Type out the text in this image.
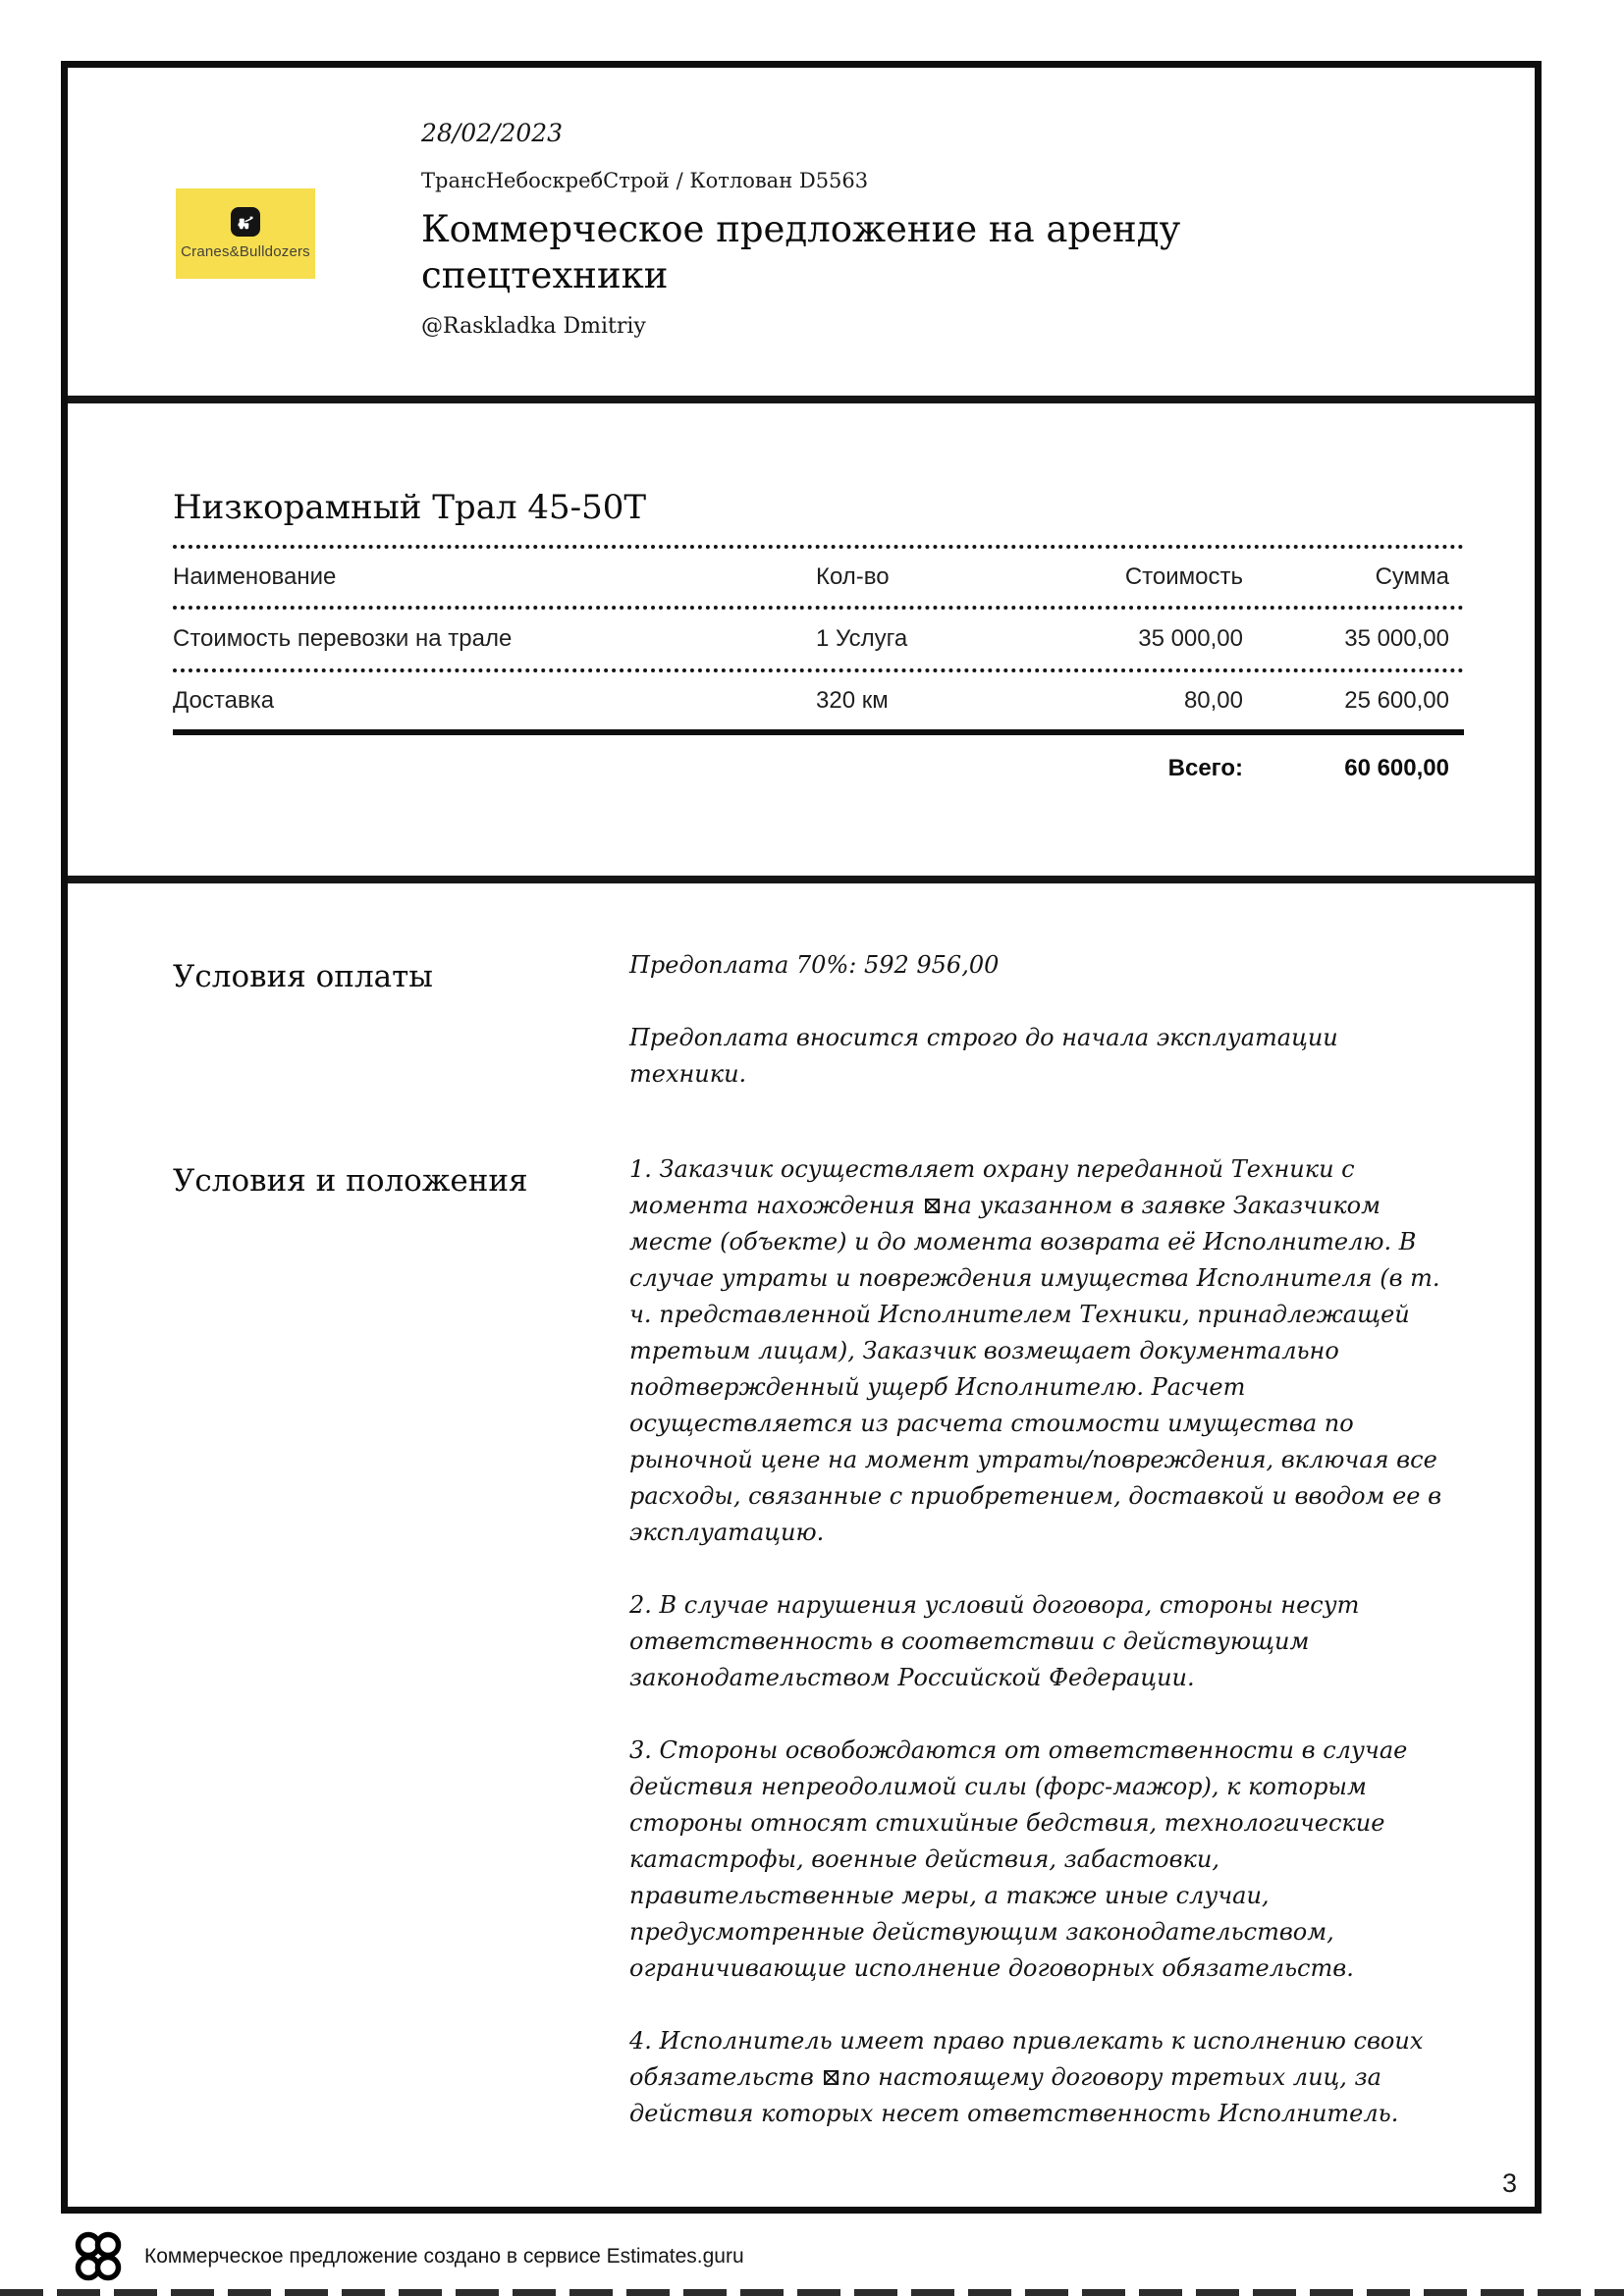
Cranes&Bulldozers
28/02/2023
ТрансНебоскребСтрой / Котлован D5563
Коммерческое предложение на аренду спецтехники
@Raskladka Dmitriy
Низкорамный Трал 45-50Т
Наименование	Кол-во	Стоимость	Сумма
Стоимость перевозки на трале	1 Услуга	35 000,00	35 000,00
Доставка	320 км	80,00	25 600,00
Всего:	60 600,00
Условия оплаты	Предоплата 70%: 592 956,00

Предоплата вносится строго до начала эксплуатации техники.

Условия и положения	1. Заказчик осуществляет охрану переданной Техники с момента нахождения ⊠на указанном в заявке Заказчиком месте (объекте) и до момента возврата её Исполнителю. В случае утраты и повреждения имущества Исполнителя (в т. ч. представленной Исполнителем Техники, принадлежащей третьим лицам), Заказчик возмещает документально подтвержденный ущерб Исполнителю. Расчет осуществляется из расчета стоимости имущества по рыночной цене на момент утраты/повреждения, включая все расходы, связанные с приобретением, доставкой и вводом ее в эксплуатацию.

2. В случае нарушения условий договора, стороны несут ответственность в соответствии с действующим законодательством Российской Федерации.

3. Стороны освобождаются от ответственности в случае действия непреодолимой силы (форс-мажор), к которым стороны относят стихийные бедствия, технологические катастрофы, военные действия, забастовки, правительственные меры, а также иные случаи, предусмотренные действующим законодательством, ограничивающие исполнение договорных обязательств.

4. Исполнитель имеет право привлекать к исполнению своих обязательств ⊠по настоящему договору третьих лиц, за действия которых несет ответственность Исполнитель.

3
Коммерческое предложение создано в сервисе Estimates.guru
